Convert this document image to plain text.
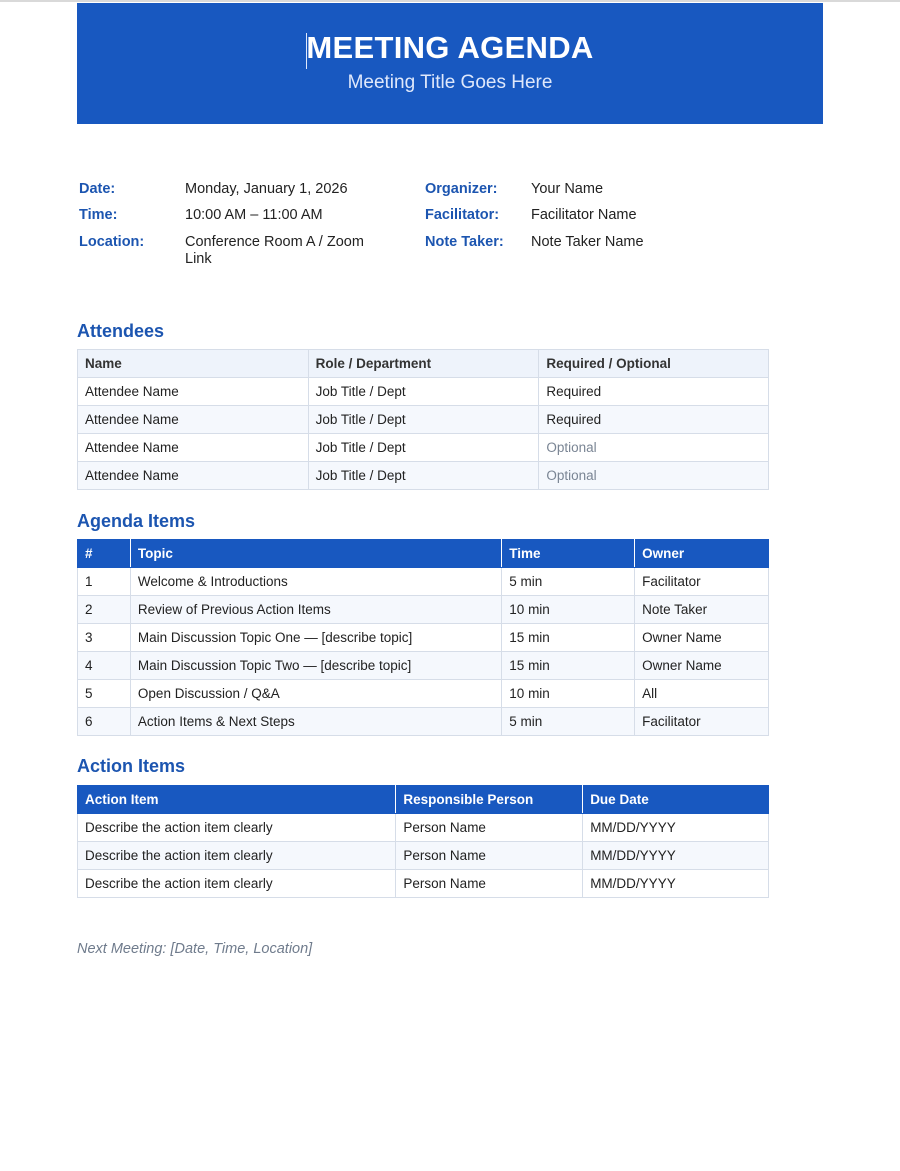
MEETING AGENDA
Meeting Title Goes Here
Date:	Monday, January 1, 2026
Time:	10:00 AM – 11:00 AM
Location:	Conference Room A / Zoom Link
Organizer: Your Name
Facilitator: Facilitator Name
Note Taker: Note Taker Name
Attendees
Name	Role / Department	Required / Optional
Attendee Name	Job Title / Dept	Required
Attendee Name	Job Title / Dept	Required
Attendee Name	Job Title / Dept	Optional
Attendee Name	Job Title / Dept	Optional
Agenda Items
#	Topic	Time	Owner
1	Welcome & Introductions	5 min	Facilitator
2	Review of Previous Action Items	10 min	Note Taker
3	Main Discussion Topic One — [describe topic]	15 min	Owner Name
4	Main Discussion Topic Two — [describe topic]	15 min	Owner Name
5	Open Discussion / Q&A	10 min	All
6	Action Items & Next Steps	5 min	Facilitator
Action Items
Action Item	Responsible Person	Due Date
Describe the action item clearly	Person Name	MM/DD/YYYY
Describe the action item clearly	Person Name	MM/DD/YYYY
Describe the action item clearly	Person Name	MM/DD/YYYY
Next Meeting: [Date, Time, Location]
